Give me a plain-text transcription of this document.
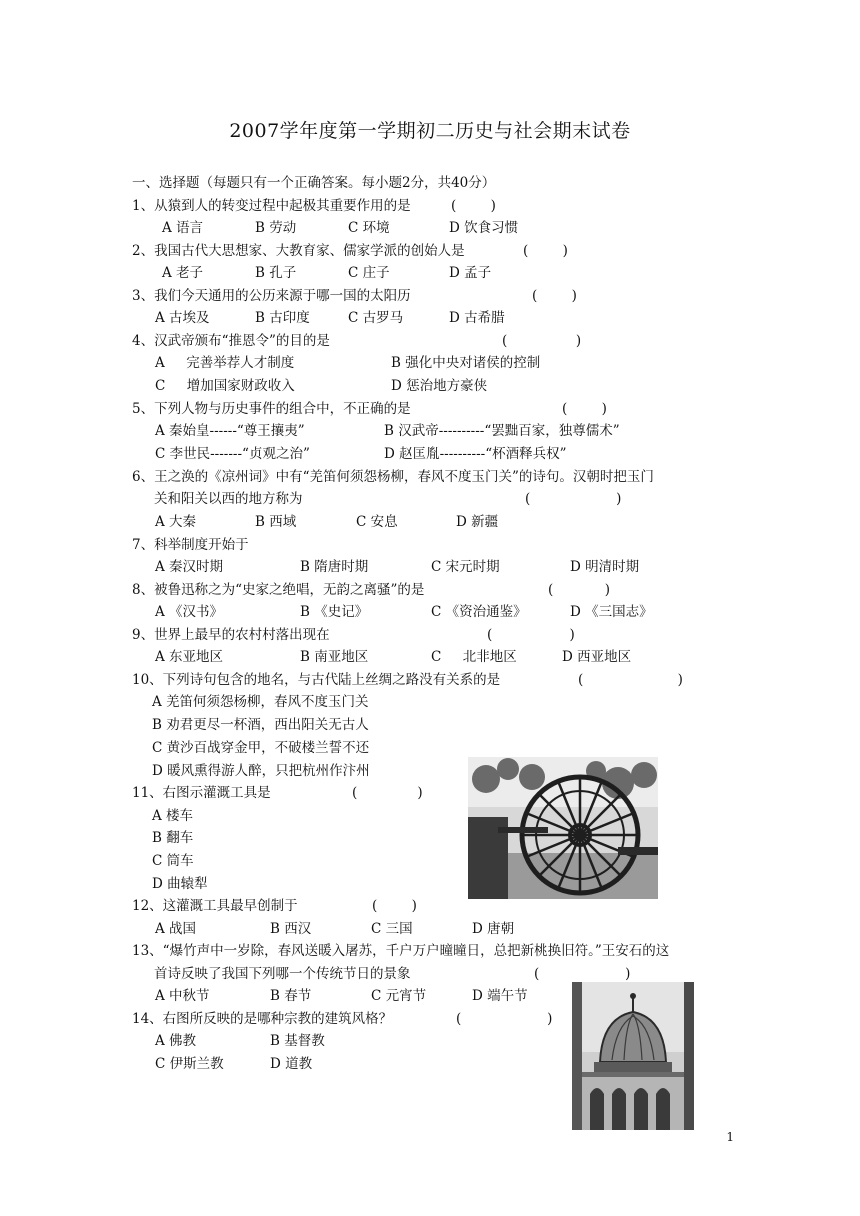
2007学年度第一学期初二历史与社会期末试卷
一、选择题（每题只有一个正确答案。每小题2分，共40分）
1、从猿到人的转变过程中起极其重要作用的是	(        )
A 语言	B 劳动	C 环境	D 饮食习惯
2、我国古代大思想家、大教育家、儒家学派的创始人是	(        )
A 老子	B 孔子	C 庄子	D 孟子
3、我们今天通用的公历来源于哪一国的太阳历	(        )
A 古埃及	B 古印度	C 古罗马	D 古希腊
4、汉武帝颁布“推恩令”的目的是	(                )
A     完善举荐人才制度	B 强化中央对诸侯的控制
C     增加国家财政收入	D 惩治地方豪侠
5、下列人物与历史事件的组合中，不正确的是	(        )
A 秦始皇------“尊王攘夷”	B 汉武帝----------“罢黜百家，独尊儒术”
C 李世民-------“贞观之治”	D 赵匡胤----------“杯酒释兵权”
6、王之涣的《凉州词》中有“羌笛何须怨杨柳，春风不度玉门关”的诗句。汉朝时把玉门
关和阳关以西的地方称为	(                    )
A 大秦	B 西域	C 安息	D 新疆
7、科举制度开始于
A 秦汉时期	B 隋唐时期	C 宋元时期	D 明清时期
8、被鲁迅称之为“史家之绝唱，无韵之离骚”的是	(            )
A 《汉书》	B 《史记》	C 《资治通鉴》	D 《三国志》
9、世界上最早的农村村落出现在	(                  )
A 东亚地区	B 南亚地区	C     北非地区	D 西亚地区
10、下列诗句包含的地名，与古代陆上丝绸之路没有关系的是	(                      )
A 羌笛何须怨杨柳，春风不度玉门关
B 劝君更尽一杯酒，西出阳关无古人
C 黄沙百战穿金甲，不破楼兰誓不还
D 暖风熏得游人醉，只把杭州作汴州
11、右图示灌溉工具是	(              )
A 楼车
B 翻车
C 筒车
D 曲辕犁
12、这灌溉工具最早创制于	(        )
A 战国	B 西汉	C 三国	D 唐朝
13、“爆竹声中一岁除，春风送暖入屠苏，千户万户曈曈日，总把新桃换旧符。”王安石的这
首诗反映了我国下列哪一个传统节日的景象	(                    )
A 中秋节	B 春节	C 元宵节	D 端午节
14、右图所反映的是哪种宗教的建筑风格？	(                    )
A 佛教	B 基督教
C 伊斯兰教	D 道教
1
